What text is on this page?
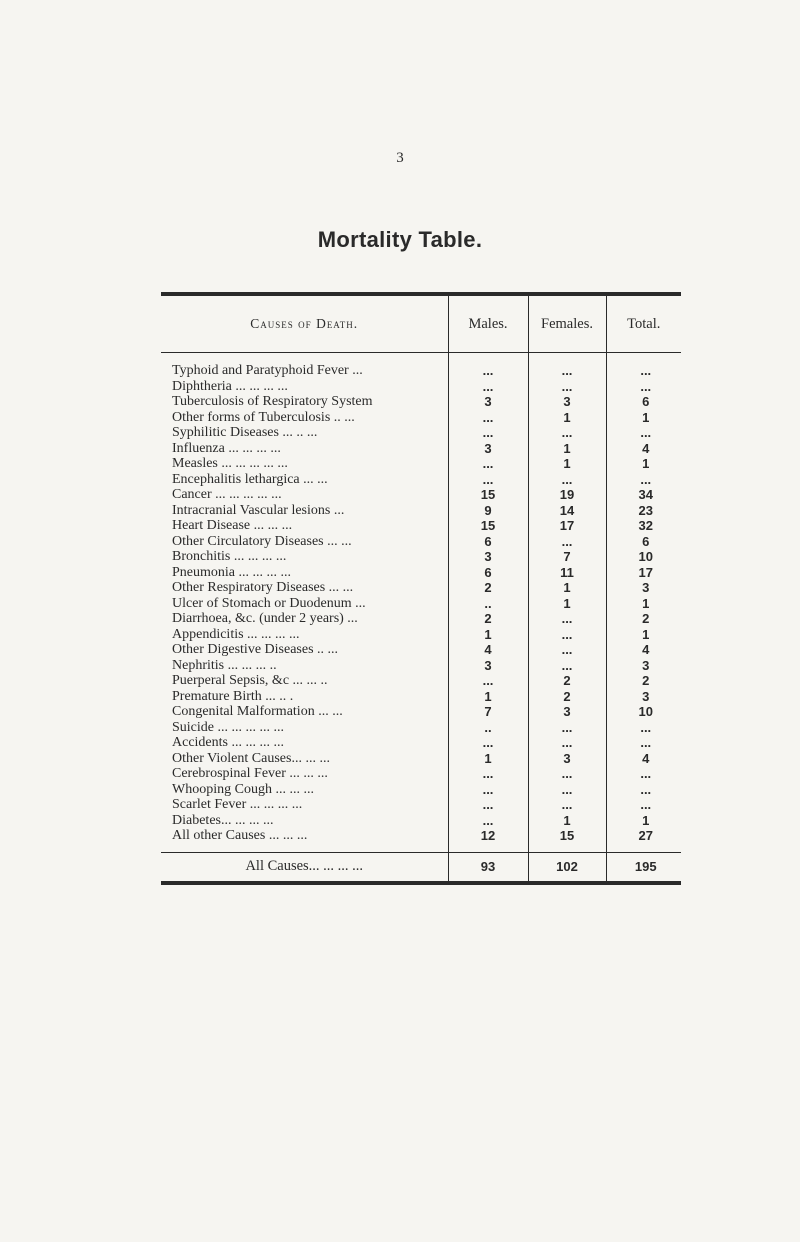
3
Mortality Table.
Causes of Death.	Males.	Females.	Total.
Typhoid and Paratyphoid Fever ...	...	...	...
Diphtheria ... ... ... ...	...	...	...
Tuberculosis of Respiratory System	3	3	6
Other forms of Tuberculosis .. ...	...	1	1
Syphilitic Diseases ... .. ...	...	...	...
Influenza ... ... ... ...	3	1	4
Measles ... ... ... ... ...	...	1	1
Encephalitis lethargica ... ...	...	...	...
Cancer ... ... ... ... ...	15	19	34
Intracranial Vascular lesions ...	9	14	23
Heart Disease ... ... ...	15	17	32
Other Circulatory Diseases ... ...	6	...	6
Bronchitis ... ... ... ...	3	7	10
Pneumonia ... ... ... ...	6	11	17
Other Respiratory Diseases ... ...	2	1	3
Ulcer of Stomach or Duodenum ...	..	1	1
Diarrhoea, &c. (under 2 years) ...	2	...	2
Appendicitis ... ... ... ...	1	...	1
Other Digestive Diseases .. ...	4	...	4
Nephritis ... ... ... ..	3	...	3
Puerperal Sepsis, &c ... ... ..	...	2	2
Premature Birth ... .. .	1	2	3
Congenital Malformation ... ...	7	3	10
Suicide ... ... ... ... ...	..	...	...
Accidents ... ... ... ...	...	...	...
Other Violent Causes... ... ...	1	3	4
Cerebrospinal Fever ... ... ...	...	...	...
Whooping Cough ... ... ...	...	...	...
Scarlet Fever ... ... ... ...	...	...	...
Diabetes... ... ... ...	...	1	1
All other Causes ... ... ...	12	15	27
All Causes... ... ... ...	93	102	195
